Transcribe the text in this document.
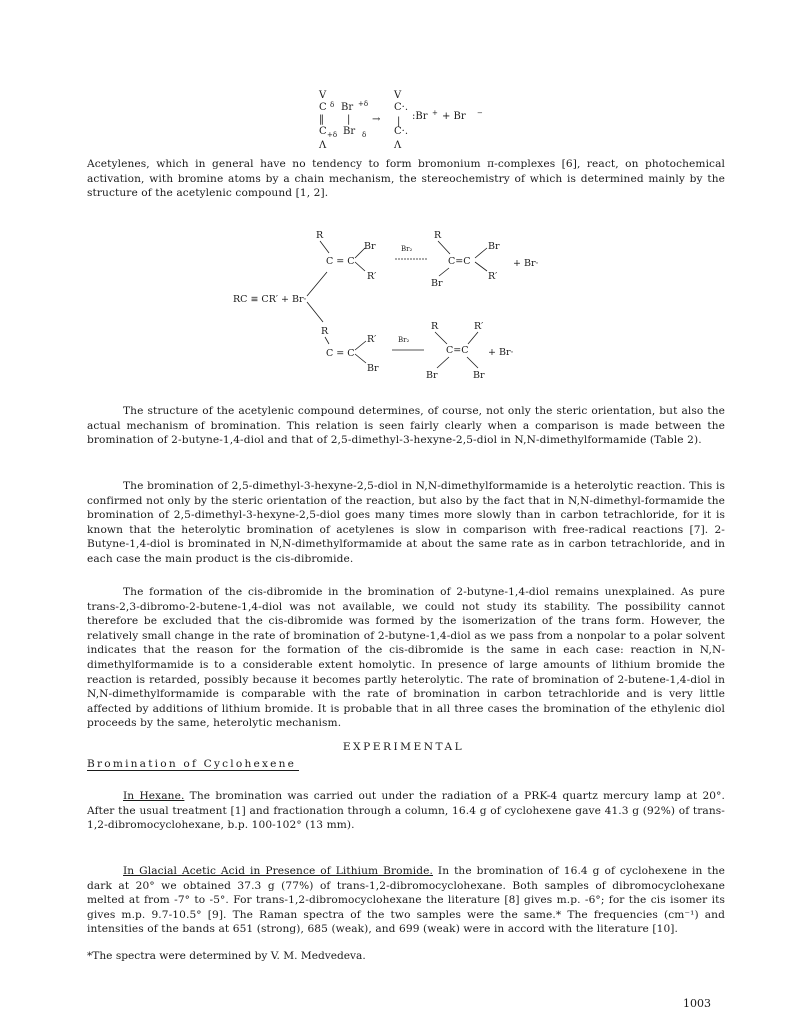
V	V
C δ Br +δ	C·.
‖ | → | :Br + + Br −
C +δ Br δ	C·.
Λ	Λ

Acetylenes, which in general have no tendency to form bromonium π-complexes [6], react, on photochemical activation, with bromine atoms by a chain mechanism, the stereochemistry of which is determined mainly by the structure of the acetylenic compound [1, 2].

RC ≡ CR′ + Br·
R
C = C
Br
R′
Br₂
R
C=C
Br
R′
Br
+ Br·
R
C = C
R′
Br
Br₂
R	R′
C=C
Br	Br
+ Br·

The structure of the acetylenic compound determines, of course, not only the steric orientation, but also the actual mechanism of bromination. This relation is seen fairly clearly when a comparison is made between the bromination of 2-butyne-1,4-diol and that of 2,5-dimethyl-3-hexyne-2,5-diol in N,N-dimethylformamide (Table 2).

The bromination of 2,5-dimethyl-3-hexyne-2,5-diol in N,N-dimethylformamide is a heterolytic reaction. This is confirmed not only by the steric orientation of the reaction, but also by the fact that in N,N-dimethyl-formamide the bromination of 2,5-dimethyl-3-hexyne-2,5-diol goes many times more slowly than in carbon tetrachloride, for it is known that the heterolytic bromination of acetylenes is slow in comparison with free-radical reactions [7]. 2-Butyne-1,4-diol is brominated in N,N-dimethylformamide at about the same rate as in carbon tetrachloride, and in each case the main product is the cis-dibromide.

The formation of the cis-dibromide in the bromination of 2-butyne-1,4-diol remains unexplained. As pure trans-2,3-dibromo-2-butene-1,4-diol was not available, we could not study its stability. The possibility cannot therefore be excluded that the cis-dibromide was formed by the isomerization of the trans form. However, the relatively small change in the rate of bromination of 2-butyne-1,4-diol as we pass from a nonpolar to a polar solvent indicates that the reason for the formation of the cis-dibromide is the same in each case: reaction in N,N-dimethylformamide is to a considerable extent homolytic. In presence of large amounts of lithium bromide the reaction is retarded, possibly because it becomes partly heterolytic. The rate of bromination of 2-butene-1,4-diol in N,N-dimethylformamide is comparable with the rate of bromination in carbon tetrachloride and is very little affected by additions of lithium bromide. It is probable that in all three cases the bromination of the ethylenic diol proceeds by the same, heterolytic mechanism.

EXPERIMENTAL
Bromination of Cyclohexene

In Hexane. The bromination was carried out under the radiation of a PRK-4 quartz mercury lamp at 20°. After the usual treatment [1] and fractionation through a column, 16.4 g of cyclohexene gave 41.3 g (92%) of trans-1,2-dibromocyclohexane, b.p. 100-102° (13 mm).

In Glacial Acetic Acid in Presence of Lithium Bromide. In the bromination of 16.4 g of cyclohexene in the dark at 20° we obtained 37.3 g (77%) of trans-1,2-dibromocyclohexane. Both samples of dibromocyclohexane melted at from -7° to -5°. For trans-1,2-dibromocyclohexane the literature [8] gives m.p. -6°; for the cis isomer its gives m.p. 9.7-10.5° [9]. The Raman spectra of the two samples were the same.* The frequencies (cm⁻¹) and intensities of the bands at 651 (strong), 685 (weak), and 699 (weak) were in accord with the literature [10].

*The spectra were determined by V. M. Medvedeva.
1003
